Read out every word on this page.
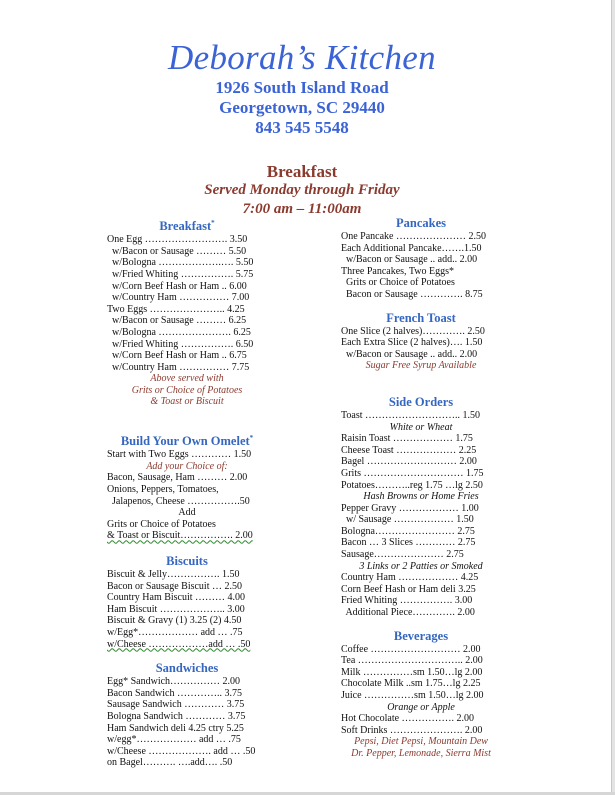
Deborah’s Kitchen
1926 South Island Road
Georgetown, SC 29440
843 545 5548
Breakfast
Served Monday through Friday
7:00 am – 11:00am
Breakfast*
One Egg ……………………. 3.50
w/Bacon or Sausage ……… 5.50
w/Bologna ……………….…. 5.50
w/Fried Whiting ……………. 5.75
w/Corn Beef Hash or Ham .. 6.00
w/Country Ham …………… 7.00
Two Eggs ………………….. 4.25
w/Bacon or Sausage ……… 6.25
w/Bologna …………………. 6.25
w/Fried Whiting ……………. 6.50
w/Corn Beef Hash or Ham .. 6.75
w/Country Ham …………… 7.75
Above served with
Grits or Choice of Potatoes
& Toast or Biscuit
Build Your Own Omelet*
Start with Two Eggs ………… 1.50
Add your Choice of:
Bacon, Sausage, Ham ……… 2.00
Onions, Peppers, Tomatoes,
Jalapenos, Cheese …………….50
Add
Grits or Choice of Potatoes
& Toast or Biscuit……………. 2.00
Biscuits
Biscuit & Jelly……………. 1.50
Bacon or Sausage Biscuit … 2.50
Country Ham Biscuit ……… 4.00
Ham Biscuit ……………….. 3.00
Biscuit & Gravy (1) 3.25 (2) 4.50
w/Egg*……………… add … .75
w/Cheese ………………add … .50
Sandwiches
Egg* Sandwich…………… 2.00
Bacon Sandwich ………….. 3.75
Sausage Sandwich ………… 3.75
Bologna Sandwich ………… 3.75
Ham Sandwich deli 4.25 ctry 5.25
w/egg*……………… add … .75
w/Cheese ………………. add … .50
on Bagel………. ….add…. .50
Pancakes
One Pancake ………………… 2.50
Each Additional Pancake…….1.50
w/Bacon or Sausage .. add.. 2.00
Three Pancakes, Two Eggs*
Grits or Choice of Potatoes
Bacon or Sausage …………. 8.75
French Toast
One Slice (2 halves)…………. 2.50
Each Extra Slice (2 halves)…. 1.50
w/Bacon or Sausage .. add.. 2.00
Sugar Free Syrup Available
Side Orders
Toast ……………………….. 1.50
White or Wheat
Raisin Toast ……………… 1.75
Cheese Toast ……………… 2.25
Bagel ……………………… 2.00
Grits ………………………… 1.75
Potatoes………..reg 1.75 …lg 2.50
Hash Browns or Home Fries
Pepper Gravy ……………… 1.00
w/ Sausage ……………… 1.50
Bologna…………………… 2.75
Bacon … 3 Slices ………… 2.75
Sausage………………… 2.75
3 Links or 2 Patties or Smoked
Country Ham ……………… 4.25
Corn Beef Hash or Ham deli 3.25
Fried Whiting ……………. 3.00
Additional Piece…………. 2.00
Beverages
Coffee ……………………… 2.00
Tea ………………………….. 2.00
Milk ……………sm 1.50…lg 2.00
Chocolate Milk ..sm 1.75…lg 2.25
Juice ……………sm 1.50…lg 2.00
Orange or Apple
Hot Chocolate ……………. 2.00
Soft Drinks …………………. 2.00
Pepsi, Diet Pepsi, Mountain Dew
Dr. Pepper, Lemonade, Sierra Mist
